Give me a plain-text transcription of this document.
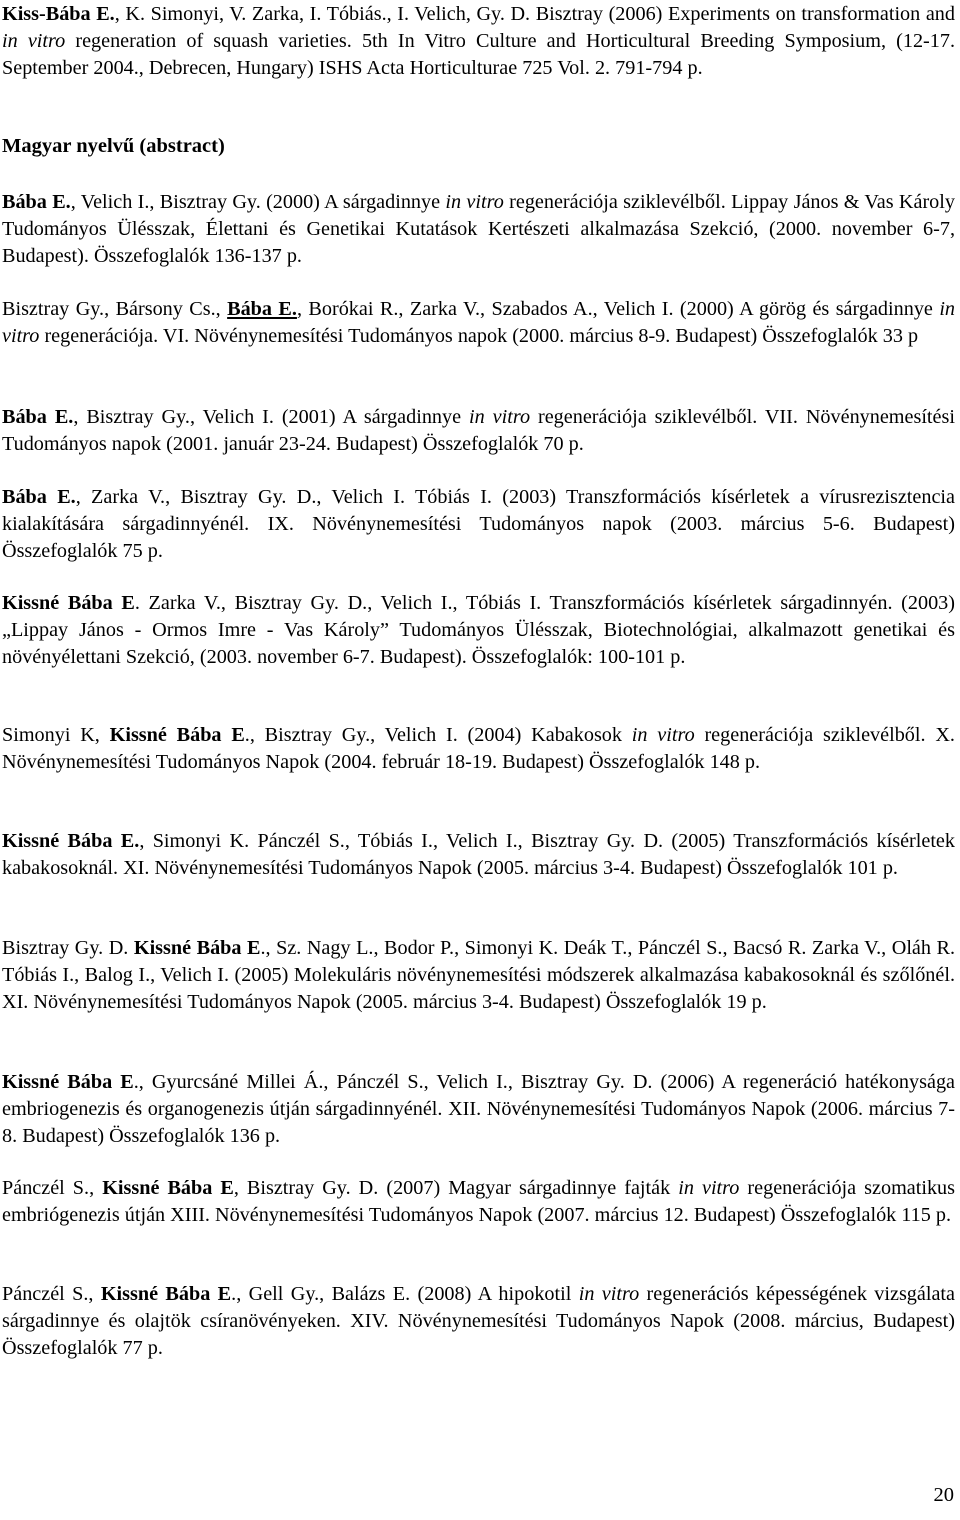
Kiss-Bába E., K. Simonyi, V. Zarka, I. Tóbiás., I. Velich, Gy. D. Bisztray (2006) Experiments on transformation and in vitro regeneration of squash varieties. 5th In Vitro Culture and Horticultural Breeding Symposium, (12-17. September 2004., Debrecen, Hungary) ISHS Acta Horticulturae 725 Vol. 2. 791-794 p.

Magyar nyelvű (abstract)

Bába E., Velich I., Bisztray Gy. (2000) A sárgadinnye in vitro regenerációja sziklevélből. Lippay János & Vas Károly Tudományos Ülésszak, Élettani és Genetikai Kutatások Kertészeti alkalmazása Szekció, (2000. november 6-7, Budapest). Összefoglalók 136-137 p.

Bisztray Gy., Bársony Cs., Bába E., Borókai R., Zarka V., Szabados A., Velich I. (2000) A görög és sárgadinnye in vitro regenerációja. VI. Növénynemesítési Tudományos napok (2000. március 8-9. Budapest) Összefoglalók 33 p

Bába E., Bisztray Gy., Velich I. (2001) A sárgadinnye in vitro regenerációja sziklevélből. VII. Növénynemesítési Tudományos napok (2001. január 23-24. Budapest) Összefoglalók 70 p.

Bába E., Zarka V., Bisztray Gy. D., Velich I. Tóbiás I. (2003) Transzformációs kísérletek a vírusrezisztencia kialakítására sárgadinnyénél. IX. Növénynemesítési Tudományos napok (2003. március 5-6. Budapest) Összefoglalók 75 p.

Kissné Bába E. Zarka V., Bisztray Gy. D., Velich I., Tóbiás I. Transzformációs kísérletek sárgadinnyén. (2003) „Lippay János - Ormos Imre - Vas Károly” Tudományos Ülésszak, Biotechnológiai, alkalmazott genetikai és növényélettani Szekció, (2003. november 6-7. Budapest). Összefoglalók: 100-101 p.

Simonyi K, Kissné Bába E., Bisztray Gy., Velich I. (2004) Kabakosok in vitro regenerációja sziklevélből. X. Növénynemesítési Tudományos Napok (2004. február 18-19. Budapest) Összefoglalók 148 p.

Kissné Bába E., Simonyi K. Pánczél S., Tóbiás I., Velich I., Bisztray Gy. D. (2005) Transzformációs kísérletek kabakosoknál. XI. Növénynemesítési Tudományos Napok (2005. március 3-4. Budapest) Összefoglalók 101 p.

Bisztray Gy. D. Kissné Bába E., Sz. Nagy L., Bodor P., Simonyi K. Deák T., Pánczél S., Bacsó R. Zarka V., Oláh R. Tóbiás I., Balog I., Velich I. (2005) Molekuláris növénynemesítési módszerek alkalmazása kabakosoknál és szőlőnél. XI. Növénynemesítési Tudományos Napok (2005. március 3-4. Budapest) Összefoglalók 19 p.

Kissné Bába E., Gyurcsáné Millei Á., Pánczél S., Velich I., Bisztray Gy. D. (2006) A regeneráció hatékonysága embriogenezis és organogenezis útján sárgadinnyénél. XII. Növénynemesítési Tudományos Napok (2006. március 7-8. Budapest) Összefoglalók 136 p.

Pánczél S., Kissné Bába E, Bisztray Gy. D. (2007) Magyar sárgadinnye fajták in vitro regenerációja szomatikus embriógenezis útján XIII. Növénynemesítési Tudományos Napok (2007. március 12. Budapest) Összefoglalók 115 p.

Pánczél S., Kissné Bába E., Gell Gy., Balázs E. (2008) A hipokotil in vitro regenerációs képességének vizsgálata sárgadinnye és olajtök csíranövényeken. XIV. Növénynemesítési Tudományos Napok (2008. március, Budapest) Összefoglalók 77 p.

20
